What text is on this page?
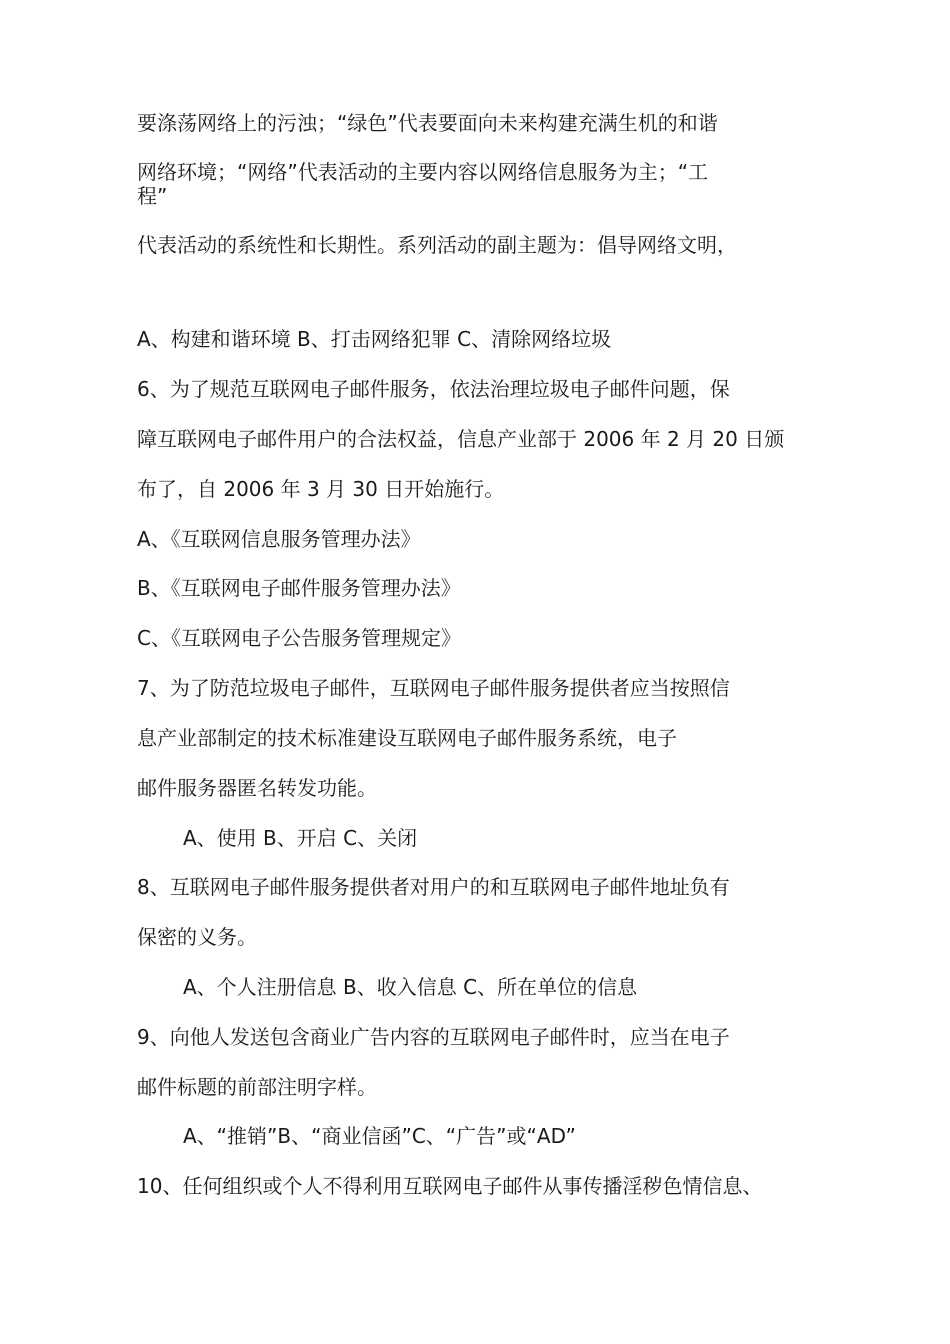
要涤荡网络上的污浊；“绿色”代表要面向未来构建充满生机的和谐
网络环境；“网络”代表活动的主要内容以网络信息服务为主；“工
程”
代表活动的系统性和长期性。系列活动的副主题为：倡导网络文明，
A、构建和谐环境 B、打击网络犯罪 C、清除网络垃圾
6、为了规范互联网电子邮件服务，依法治理垃圾电子邮件问题，保
障互联网电子邮件用户的合法权益，信息产业部于 2006 年 2 月 20 日颁
布了，自 2006 年 3 月 30 日开始施行。
A、《互联网信息服务管理办法》
B、《互联网电子邮件服务管理办法》
C、《互联网电子公告服务管理规定》
7、为了防范垃圾电子邮件，互联网电子邮件服务提供者应当按照信
息产业部制定的技术标准建设互联网电子邮件服务系统，电子
邮件服务器匿名转发功能。
A、使用 B、开启 C、关闭
8、互联网电子邮件服务提供者对用户的和互联网电子邮件地址负有
保密的义务。
A、个人注册信息 B、收入信息 C、所在单位的信息
9、向他人发送包含商业广告内容的互联网电子邮件时，应当在电子
邮件标题的前部注明字样。
A、“推销”B、“商业信函”C、“广告”或“AD”
10、任何组织或个人不得利用互联网电子邮件从事传播淫秽色情信息、
